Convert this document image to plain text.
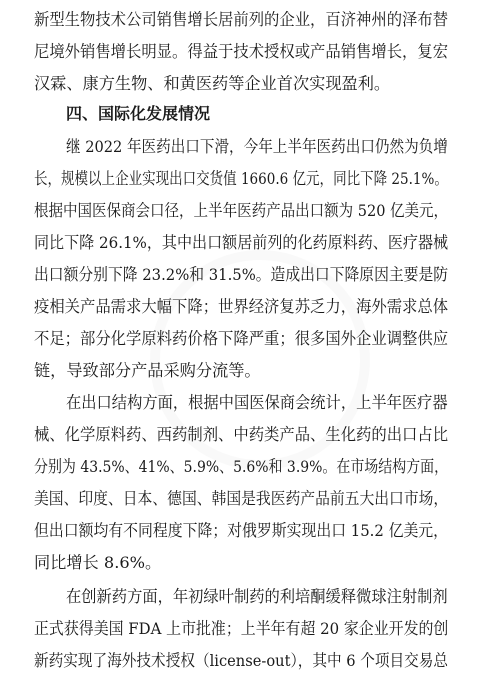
新型生物技术公司销售增长居前列的企业，百济神州的泽布替
尼境外销售增长明显。得益于技术授权或产品销售增长，复宏
汉霖、康方生物、和黄医药等企业首次实现盈利。
四、国际化发展情况
继 2022 年医药出口下滑，今年上半年医药出口仍然为负增
长，规模以上企业实现出口交货值 1660.6 亿元，同比下降 25.1%。
根据中国医保商会口径，上半年医药产品出口额为 520 亿美元，
同比下降 26.1%，其中出口额居前列的化药原料药、医疗器械
出口额分别下降 23.2%和 31.5%。造成出口下降原因主要是防
疫相关产品需求大幅下降；世界经济复苏乏力，海外需求总体
不足；部分化学原料药价格下降严重；很多国外企业调整供应
链，导致部分产品采购分流等。
在出口结构方面，根据中国医保商会统计，上半年医疗器
械、化学原料药、西药制剂、中药类产品、生化药的出口占比
分别为 43.5%、41%、5.9%、5.6%和 3.9%。在市场结构方面，
美国、印度、日本、德国、韩国是我医药产品前五大出口市场，
但出口额均有不同程度下降；对俄罗斯实现出口 15.2 亿美元，
同比增长 8.6%。
在创新药方面，年初绿叶制药的利培酮缓释微球注射制剂
正式获得美国 FDA 上市批准；上半年有超 20 家企业开发的创
新药实现了海外技术授权（license-out），其中 6 个项目交易总
